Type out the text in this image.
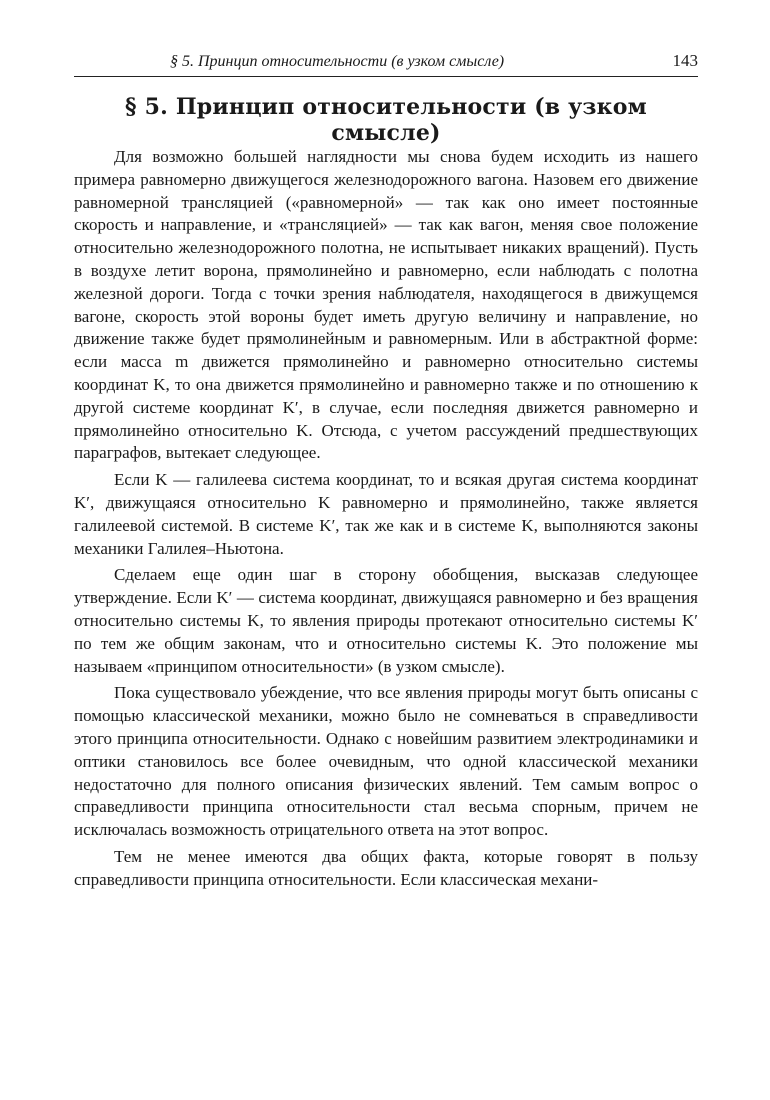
§ 5. Принцип относительности (в узком смысле)	143
§ 5. Принцип относительности (в узком смысле)

Для возможно большей наглядности мы снова будем исходить из нашего примера равномерно движущегося железнодорожного вагона. Назовем его движение равномерной трансляцией («равномерной» — так как оно имеет постоянные скорость и направление, и «трансляцией» — так как вагон, меняя свое положение относительно железнодорожного полотна, не испытывает никаких вращений). Пусть в воздухе летит ворона, прямолинейно и равномерно, если наблюдать с полотна железной дороги. Тогда с точки зрения наблюдателя, находящегося в движущемся вагоне, скорость этой вороны будет иметь другую величину и направление, но движение также будет прямолинейным и равномерным. Или в абстрактной форме: если масса m движется прямолинейно и равномерно относительно системы координат K, то она движется прямолинейно и равномерно также и по отношению к другой системе координат K′, в случае, если последняя движется равномерно и прямолинейно относительно K. Отсюда, с учетом рассуждений предшествующих параграфов, вытекает следующее.

Если K — галилеева система координат, то и всякая другая система координат K′, движущаяся относительно K равномерно и прямолинейно, также является галилеевой системой. В системе K′, так же как и в системе K, выполняются законы механики Галилея–Ньютона.

Сделаем еще один шаг в сторону обобщения, высказав следующее утверждение. Если K′ — система координат, движущаяся равномерно и без вращения относительно системы K, то явления природы протекают относительно системы K′ по тем же общим законам, что и относительно системы K. Это положение мы называем «принципом относительности» (в узком смысле).

Пока существовало убеждение, что все явления природы могут быть описаны с помощью классической механики, можно было не сомневаться в справедливости этого принципа относительности. Однако с новейшим развитием электродинамики и оптики становилось все более очевидным, что одной классической механики недостаточно для полного описания физических явлений. Тем самым вопрос о справедливости принципа относительности стал весьма спорным, причем не исключалась возможность отрицательного ответа на этот вопрос.

Тем не менее имеются два общих факта, которые говорят в пользу справедливости принципа относительности. Если классическая механи-
